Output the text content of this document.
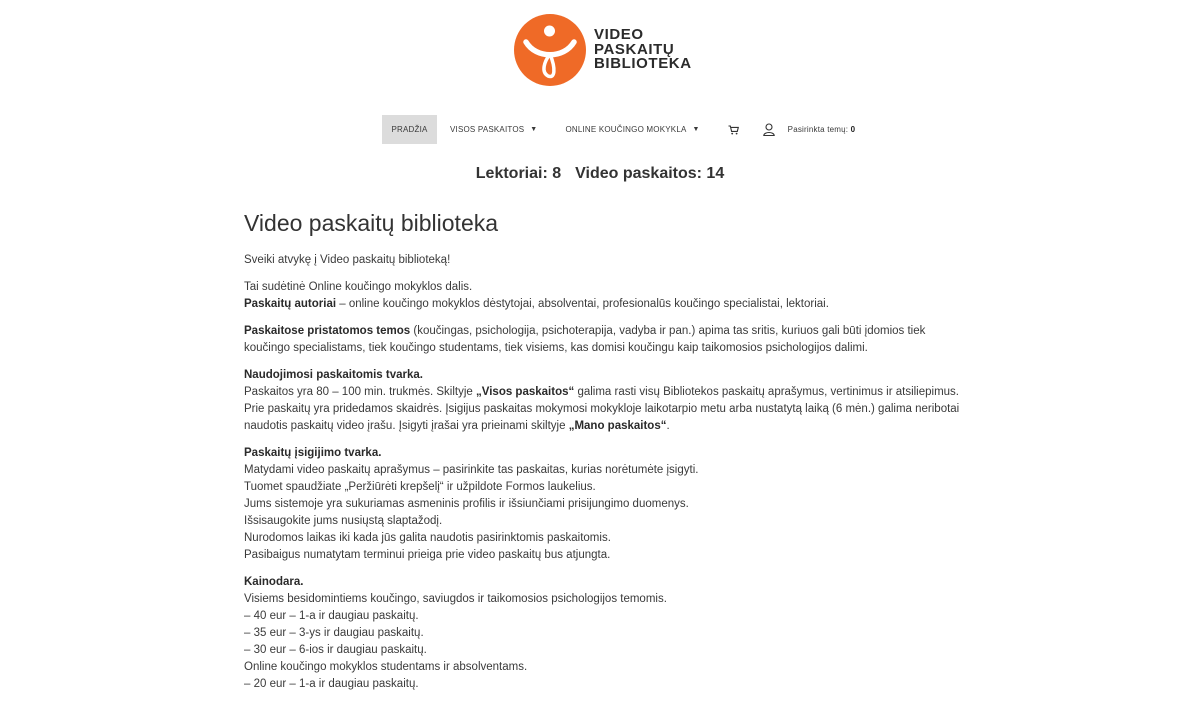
VIDEO
PASKAITŲ
BIBLIOTEKA
PRADŽIA	VISOS PASKAITOS ▼	ONLINE KOUČINGO MOKYKLA ▼	Pasirinkta temų:
0
Lektoriai: 8 Video paskaitos: 14
Video paskaitų biblioteka

Sveiki atvykę į Video paskaitų biblioteką!

Tai sudėtinė Online koučingo mokyklos dalis.
Paskaitų autoriai – online koučingo mokyklos dėstytojai, absolventai, profesionalūs koučingo specialistai, lektoriai.

Paskaitose pristatomos temos (koučingas, psichologija, psichoterapija, vadyba ir pan.) apima tas sritis, kuriuos gali būti įdomios tiek koučingo specialistams, tiek koučingo studentams, tiek visiems, kas domisi koučingu kaip taikomosios psichologijos dalimi.

Naudojimosi paskaitomis tvarka.
Paskaitos yra 80 – 100 min. trukmės. Skiltyje „Visos paskaitos“ galima rasti visų Bibliotekos paskaitų aprašymus, vertinimus ir atsiliepimus. Prie paskaitų yra pridedamos skaidrės. Įsigijus paskaitas mokymosi mokykloje laikotarpio metu arba nustatytą laiką (6 mėn.) galima neribotai naudotis paskaitų video įrašu. Įsigyti įrašai yra prieinami skiltyje „Mano paskaitos“.

Paskaitų įsigijimo tvarka.
Matydami video paskaitų aprašymus – pasirinkite tas paskaitas, kurias norėtumėte įsigyti.
Tuomet spaudžiate „Peržiūrėti krepšelį“ ir užpildote Formos laukelius.
Jums sistemoje yra sukuriamas asmeninis profilis ir išsiunčiami prisijungimo duomenys.
Išsisaugokite jums nusiųstą slaptažodį.
Nurodomos laikas iki kada jūs galita naudotis pasirinktomis paskaitomis.
Pasibaigus numatytam terminui prieiga prie video paskaitų bus atjungta.

Kainodara.
Visiems besidomintiems koučingo, saviugdos ir taikomosios psichologijos temomis.
– 40 eur – 1-a ir daugiau paskaitų.
– 35 eur – 3-ys ir daugiau paskaitų.
– 30 eur – 6-ios ir daugiau paskaitų.
Online koučingo mokyklos studentams ir absolventams.
– 20 eur – 1-a ir daugiau paskaitų.
